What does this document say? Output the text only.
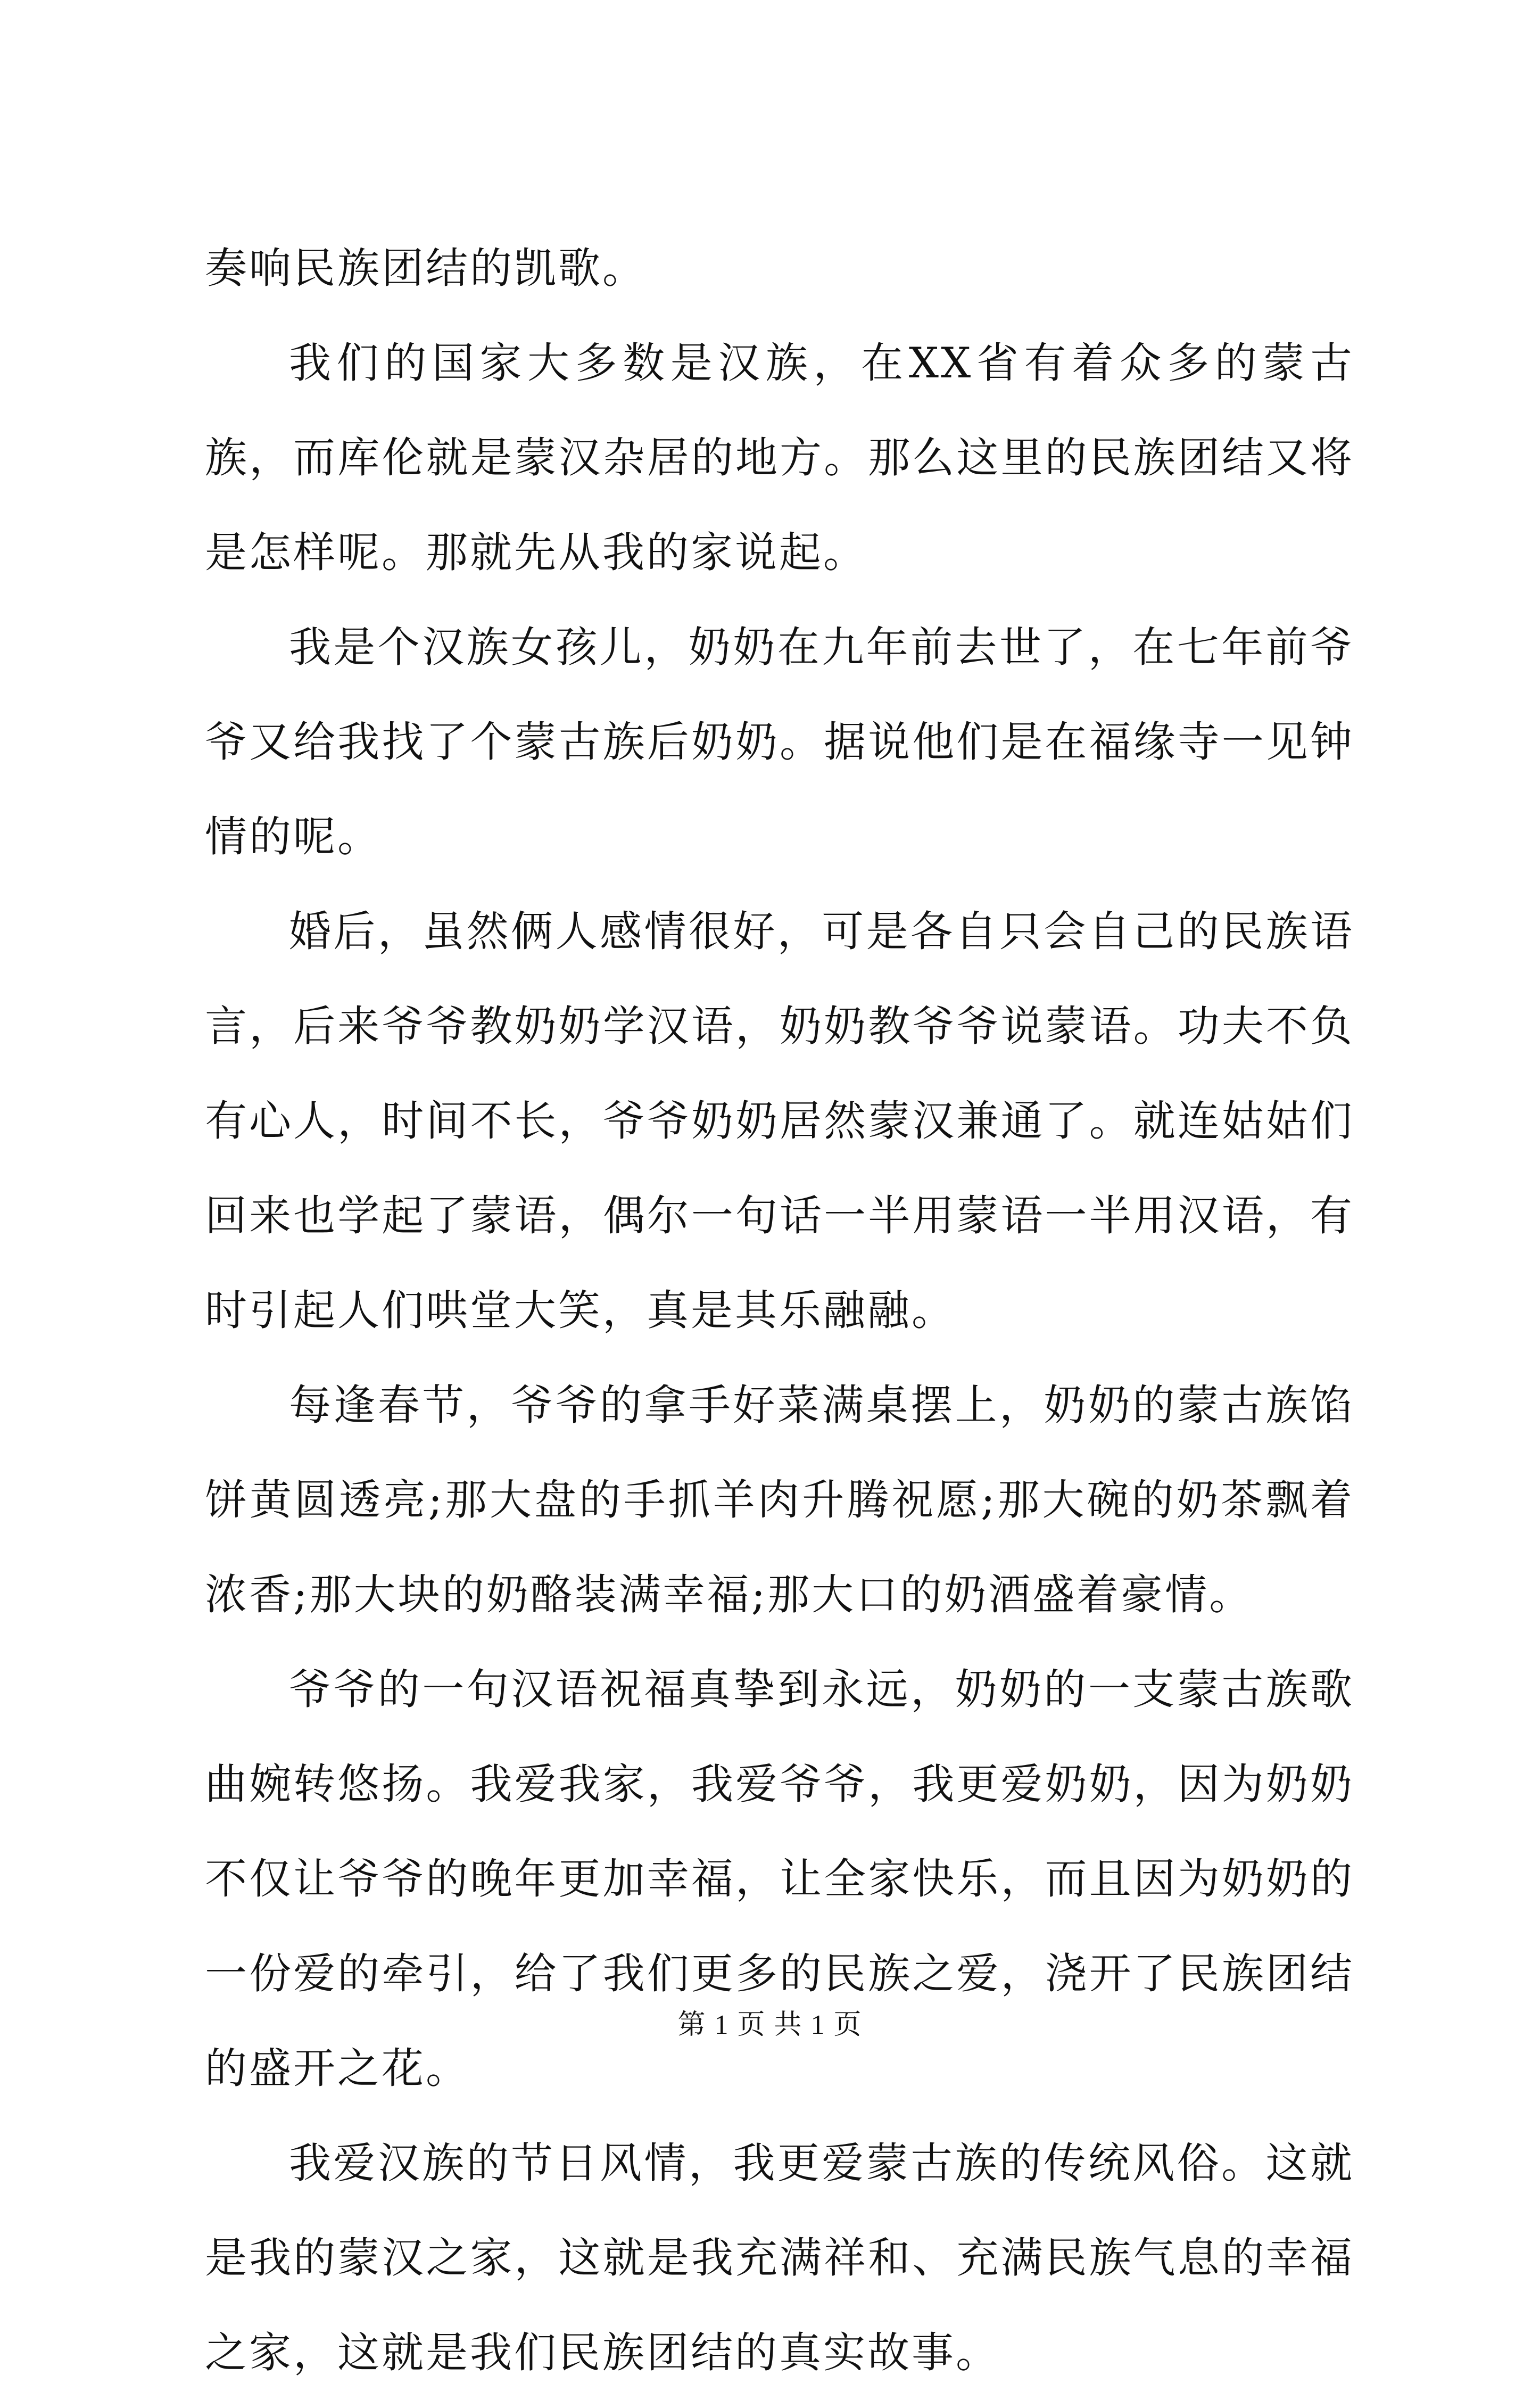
奏响民族团结的凯歌。

我们的国家大多数是汉族，在XX省有着众多的蒙古族，而库伦就是蒙汉杂居的地方。那么这里的民族团结又将是怎样呢。那就先从我的家说起。

我是个汉族女孩儿，奶奶在九年前去世了，在七年前爷爷又给我找了个蒙古族后奶奶。据说他们是在福缘寺一见钟情的呢。

婚后，虽然俩人感情很好，可是各自只会自己的民族语言，后来爷爷教奶奶学汉语，奶奶教爷爷说蒙语。功夫不负有心人，时间不长，爷爷奶奶居然蒙汉兼通了。就连姑姑们回来也学起了蒙语，偶尔一句话一半用蒙语一半用汉语，有时引起人们哄堂大笑，真是其乐融融。

每逢春节，爷爷的拿手好菜满桌摆上，奶奶的蒙古族馅饼黄圆透亮;那大盘的手抓羊肉升腾祝愿;那大碗的奶茶飘着浓香;那大块的奶酪装满幸福;那大口的奶酒盛着豪情。

爷爷的一句汉语祝福真挚到永远，奶奶的一支蒙古族歌曲婉转悠扬。我爱我家，我爱爷爷，我更爱奶奶，因为奶奶不仅让爷爷的晚年更加幸福，让全家快乐，而且因为奶奶的一份爱的牵引，给了我们更多的民族之爱，浇开了民族团结的盛开之花。

我爱汉族的节日风情，我更爱蒙古族的传统风俗。这就是我的蒙汉之家，这就是我充满祥和、充满民族气息的幸福之家，这就是我们民族团结的真实故事。

第 1 页 共 1 页
